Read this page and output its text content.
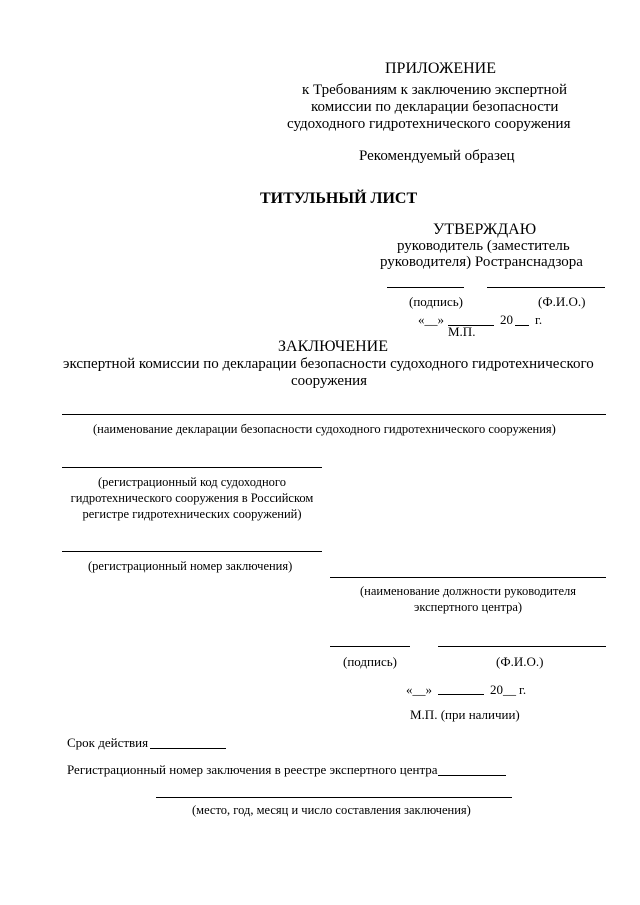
ПРИЛОЖЕНИЕ
к Требованиям к заключению экспертной
комиссии по декларации безопасности
судоходного гидротехнического сооружения
Рекомендуемый образец
ТИТУЛЬНЫЙ ЛИСТ
УТВЕРЖДАЮ
руководитель (заместитель
руководителя) Ространснадзора
(подпись)	(Ф.И.О.)
«__»	20 г.
М.П.
ЗАКЛЮЧЕНИЕ
экспертной комиссии по декларации безопасности судоходного гидротехнического
сооружения
(наименование декларации безопасности судоходного гидротехнического сооружения)
(регистрационный код судоходного
гидротехнического сооружения в Российском
регистре гидротехнических сооружений)
(регистрационный номер заключения)
(наименование должности руководителя
экспертного центра)
(подпись)	(Ф.И.О.)
«__»	20__ г.
М.П. (при наличии)
Срок действия
Регистрационный номер заключения в реестре экспертного центра
(место, год, месяц и число составления заключения)
